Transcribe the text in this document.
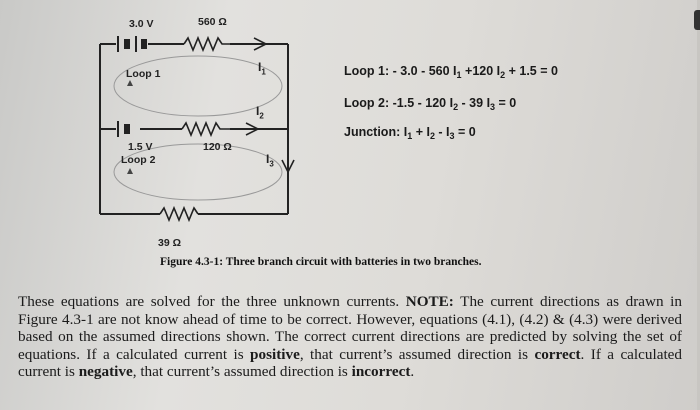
3.0 V	560 Ω
Loop 1	$I_1$
$I_2$
1.5 V
Loop 2
120 Ω
$I_3$
39 Ω
Loop 1: - 3.0 - 560 $I_1 +120$ $I_2 + 1.5 = 0$
Loop 2: -1.5 - 120 $I_2 - 39$ $I_3 = 0$
Junction: $I_1 + I_2 - I_3 = 0$
Figure 4.3-1: Three branch circuit with batteries in two branches.
These equations are solved for the three unknown currents. NOTE: The current directions as drawn in Figure 4.3-1 are not know ahead of time to be correct. However, equations (4.1), (4.2) & (4.3) were derived based on the assumed directions shown. The correct current directions are predicted by solving the set of equations. If a calculated current is positive, that current’s assumed direction is correct. If a calculated current is negative, that current’s assumed direction is incorrect.
